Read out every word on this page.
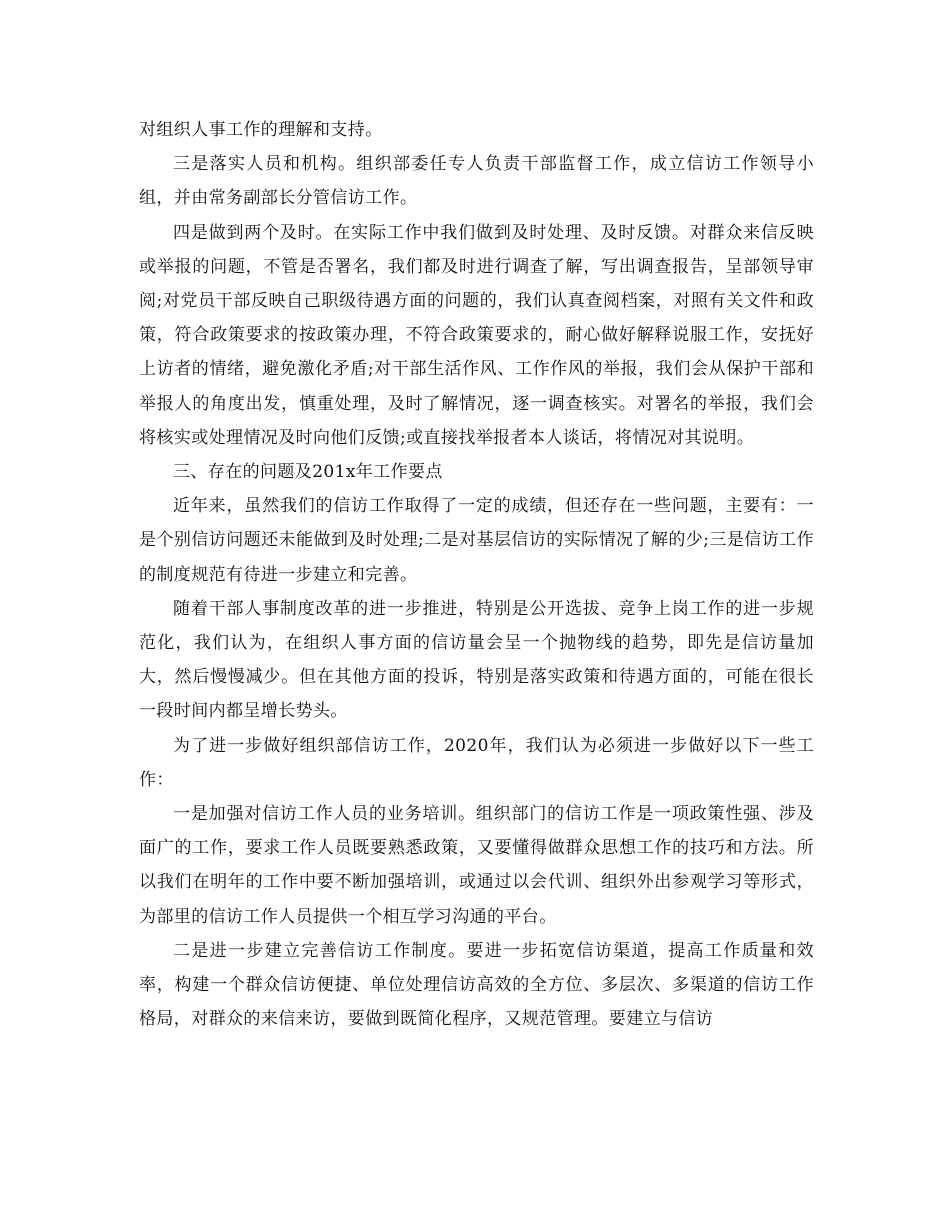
对组织人事工作的理解和支持。

三是落实人员和机构。组织部委任专人负责干部监督工作，成立信访工作领导小组，并由常务副部长分管信访工作。

四是做到两个及时。在实际工作中我们做到及时处理、及时反馈。对群众来信反映或举报的问题，不管是否署名，我们都及时进行调查了解，写出调查报告，呈部领导审阅;对党员干部反映自己职级待遇方面的问题的，我们认真查阅档案，对照有关文件和政策，符合政策要求的按政策办理，不符合政策要求的，耐心做好解释说服工作，安抚好上访者的情绪，避免激化矛盾;对干部生活作风、工作作风的举报，我们会从保护干部和举报人的角度出发，慎重处理，及时了解情况，逐一调查核实。对署名的举报，我们会将核实或处理情况及时向他们反馈;或直接找举报者本人谈话，将情况对其说明。

三、存在的问题及201x年工作要点

近年来，虽然我们的信访工作取得了一定的成绩，但还存在一些问题，主要有：一是个别信访问题还未能做到及时处理;二是对基层信访的实际情况了解的少;三是信访工作的制度规范有待进一步建立和完善。

随着干部人事制度改革的进一步推进，特别是公开选拔、竞争上岗工作的进一步规范化，我们认为，在组织人事方面的信访量会呈一个抛物线的趋势，即先是信访量加大，然后慢慢减少。但在其他方面的投诉，特别是落实政策和待遇方面的，可能在很长一段时间内都呈增长势头。

为了进一步做好组织部信访工作，2020年，我们认为必须进一步做好以下一些工作：

一是加强对信访工作人员的业务培训。组织部门的信访工作是一项政策性强、涉及面广的工作，要求工作人员既要熟悉政策，又要懂得做群众思想工作的技巧和方法。所以我们在明年的工作中要不断加强培训，或通过以会代训、组织外出参观学习等形式，为部里的信访工作人员提供一个相互学习沟通的平台。

二是进一步建立完善信访工作制度。要进一步拓宽信访渠道，提高工作质量和效率，构建一个群众信访便捷、单位处理信访高效的全方位、多层次、多渠道的信访工作格局，对群众的来信来访，要做到既简化程序，又规范管理。要建立与信访
